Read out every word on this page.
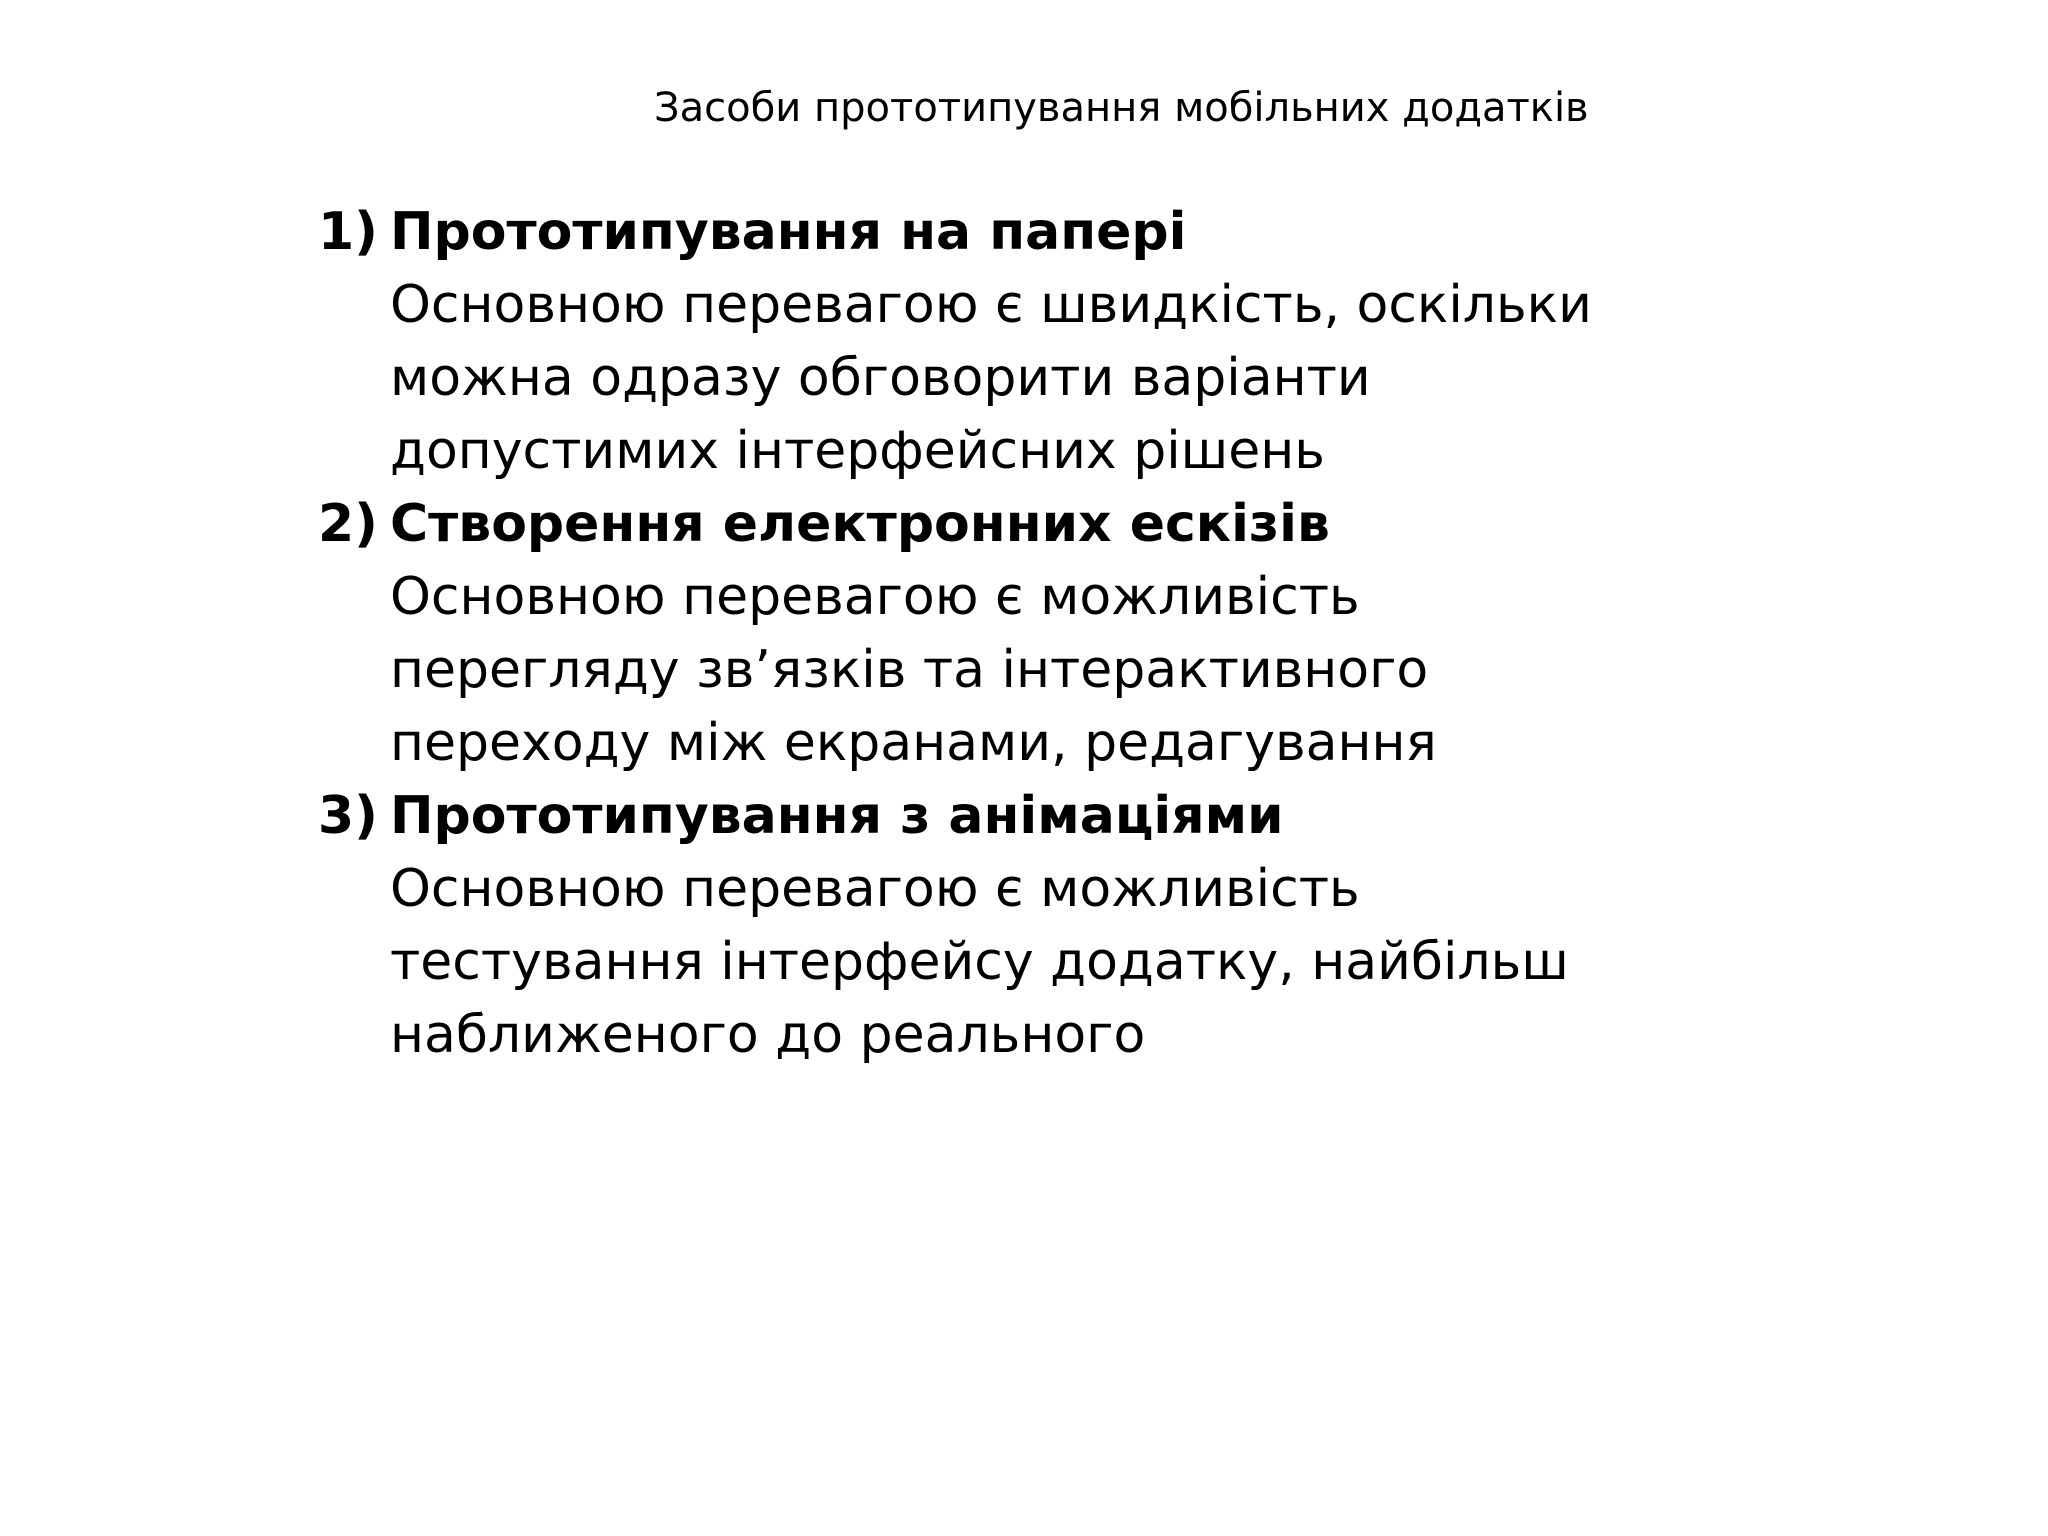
Засоби прототипування мобільних додатків
1) Прототипування на папері
Основною перевагою є швидкість, оскільки
можна одразу обговорити варіанти
допустимих інтерфейсних рішень
2) Створення електронних ескізів
Основною перевагою є можливість
перегляду зв’язків та інтерактивного
переходу між екранами, редагування
3) Прототипування з анімаціями
Основною перевагою є можливість
тестування інтерфейсу додатку, найбільш
наближеного до реального
